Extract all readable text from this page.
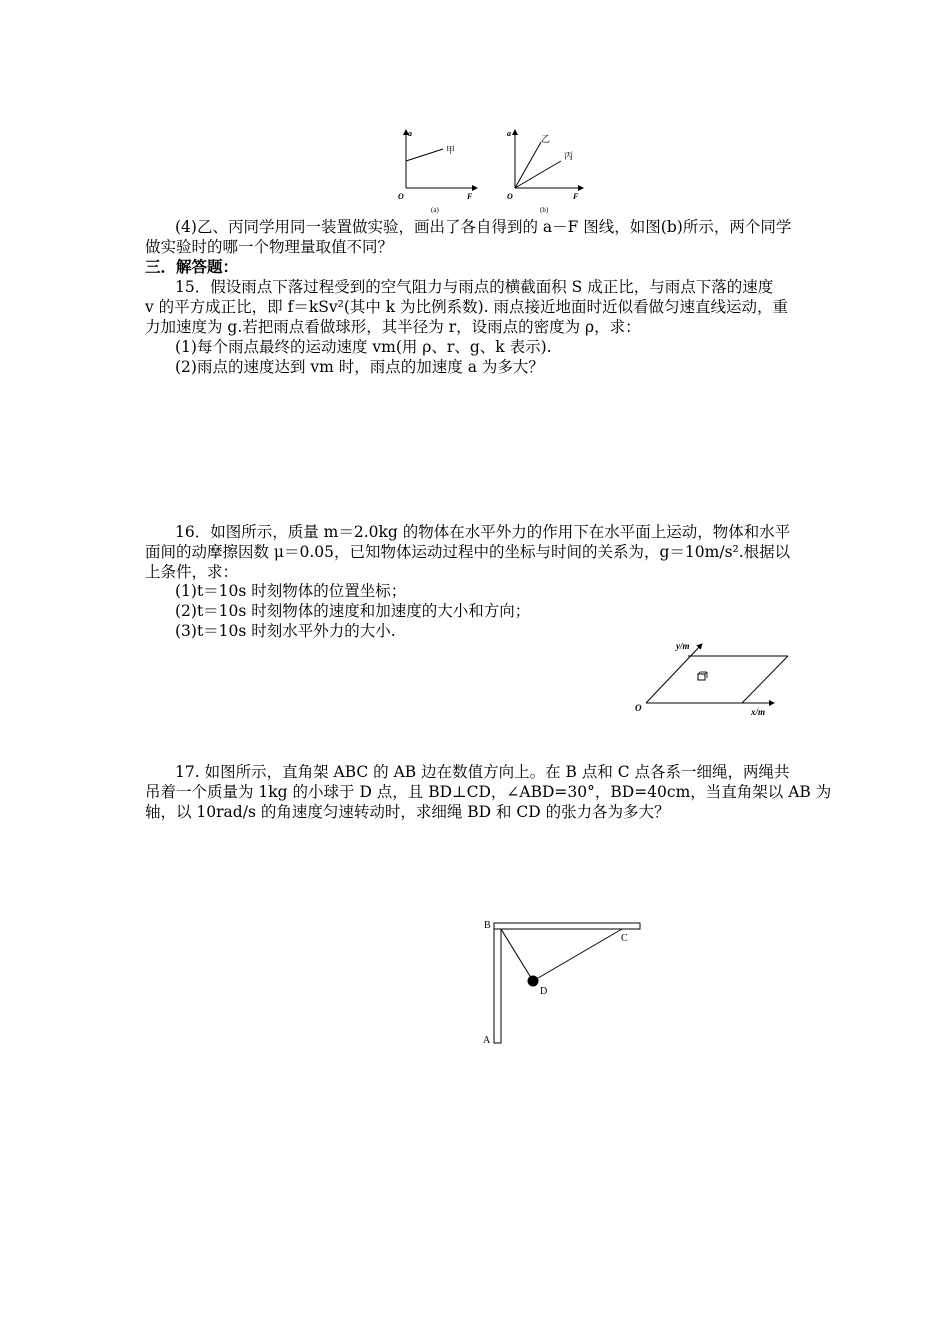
a
F
O
甲
(a)
a
F
O
乙
丙
(b)
(4)乙、丙同学用同一装置做实验，画出了各自得到的 a－F 图线，如图(b)所示，两个同学
做实验时的哪一个物理量取值不同？
三．解答题：
15．假设雨点下落过程受到的空气阻力与雨点的横截面积 S 成正比，与雨点下落的速度
v 的平方成正比，即 f＝kSv²(其中 k 为比例系数). 雨点接近地面时近似看做匀速直线运动，重
力加速度为 g.若把雨点看做球形，其半径为 r，设雨点的密度为 ρ，求：
(1)每个雨点最终的运动速度 vm(用 ρ、r、g、k 表示).
(2)雨点的速度达到 vm 时，雨点的加速度 a 为多大？
16．如图所示，质量 m＝2.0kg 的物体在水平外力的作用下在水平面上运动，物体和水平
面间的动摩擦因数 μ＝0.05，已知物体运动过程中的坐标与时间的关系为，g＝10m/s².根据以
上条件，求：
(1)t＝10s 时刻物体的位置坐标；
(2)t＝10s 时刻物体的速度和加速度的大小和方向；
(3)t＝10s 时刻水平外力的大小.
y/m
x/m
O
17. 如图所示，直角架 ABC 的 AB 边在数值方向上。在 B 点和 C 点各系一细绳，两绳共
吊着一个质量为 1kg 的小球于 D 点，且 BD⊥CD，∠ABD=30°，BD=40cm，当直角架以 AB 为
轴，以 10rad/s 的角速度匀速转动时，求细绳 BD 和 CD 的张力各为多大？
B
C
D
A
